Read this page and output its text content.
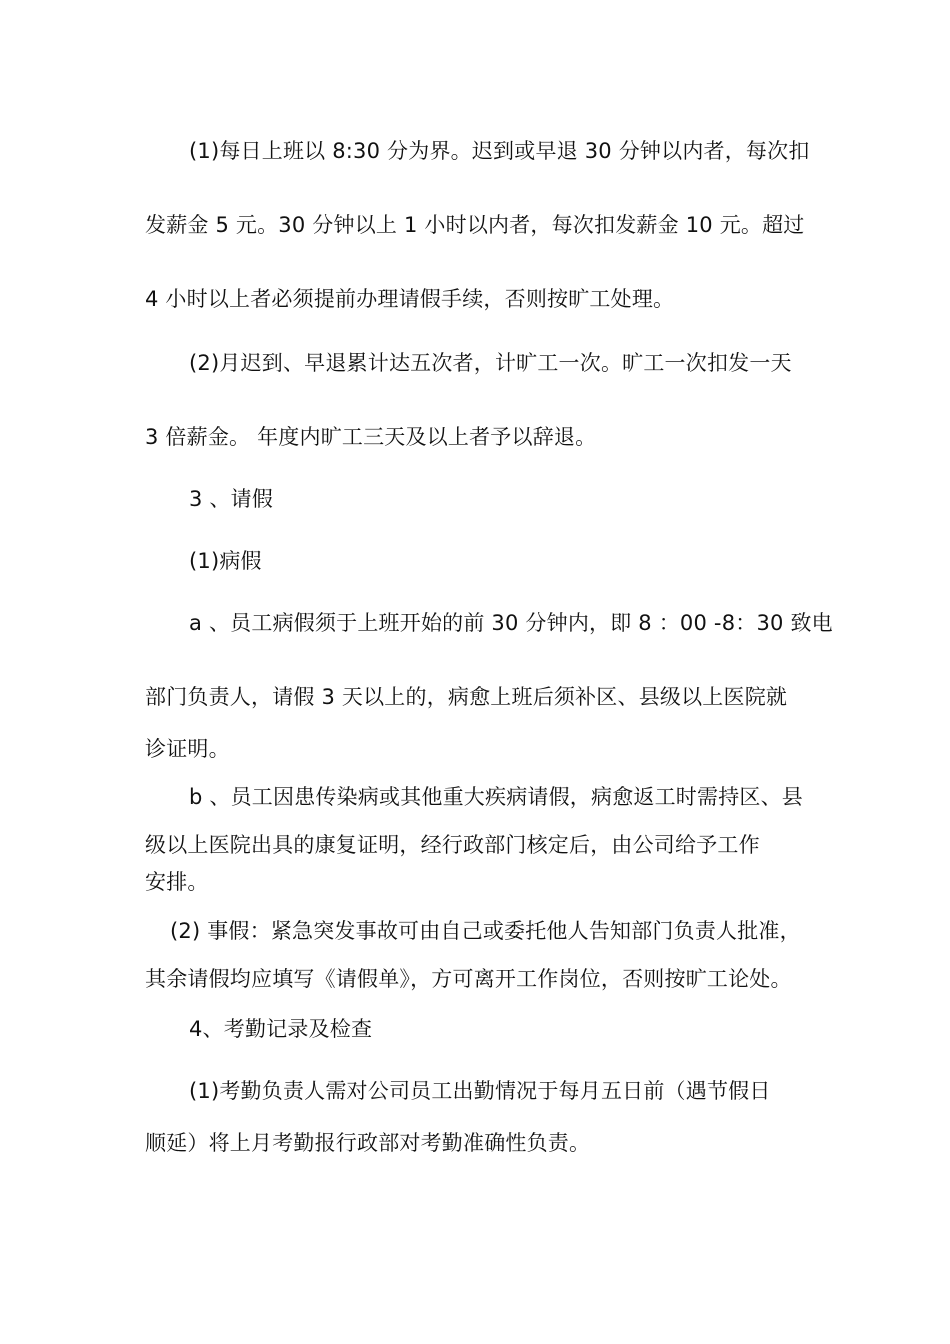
(1)每日上班以 8:30 分为界。迟到或早退 30 分钟以内者，每次扣
发薪金 5 元。30 分钟以上 1 小时以内者，每次扣发薪金 10 元。超过
4 小时以上者必须提前办理请假手续，否则按旷工处理。
(2)月迟到、早退累计达五次者，计旷工一次。旷工一次扣发一天
3 倍薪金。 年度内旷工三天及以上者予以辞退。
3 、请假
(1)病假
a 、员工病假须于上班开始的前 30 分钟内，即 8 ：00 -8：30 致电
部门负责人，请假 3 天以上的，病愈上班后须补区、县级以上医院就
诊证明。
b 、员工因患传染病或其他重大疾病请假，病愈返工时需持区、县
级以上医院出具的康复证明，经行政部门核定后，由公司给予工作
安排。
(2) 事假：紧急突发事故可由自己或委托他人告知部门负责人批准，
其余请假均应填写《请假单》，方可离开工作岗位，否则按旷工论处。
4、考勤记录及检查
(1)考勤负责人需对公司员工出勤情况于每月五日前（遇节假日
顺延）将上月考勤报行政部对考勤准确性负责。
